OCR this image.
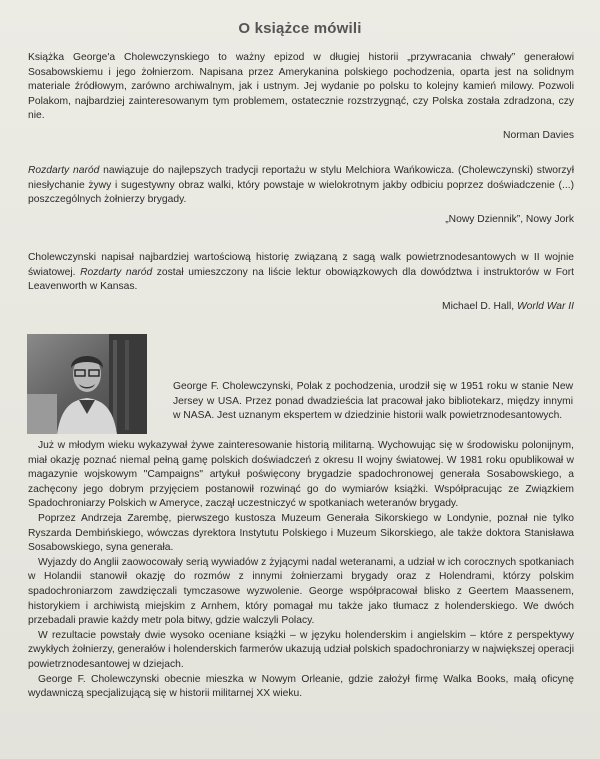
O książce mówili

Książka George'a Cholewczynskiego to ważny epizod w długiej historii „przywracania chwały” generałowi Sosabowskiemu i jego żołnierzom. Napisana przez Amerykanina polskiego pochodzenia, oparta jest na solidnym materiale źródłowym, zarówno archiwalnym, jak i ustnym. Jej wydanie po polsku to kolejny kamień milowy. Pozwoli Polakom, najbardziej zainteresowanym tym problemem, ostatecznie rozstrzygnąć, czy Polska została zdradzona, czy nie.

Norman Davies

Rozdarty naród nawiązuje do najlepszych tradycji reportażu w stylu Melchiora Wańkowicza. (Cholewczynski) stworzył niesłychanie żywy i sugestywny obraz walki, który powstaje w wielokrotnym jakby odbiciu poprzez doświadczenie (...) poszczególnych żołnierzy brygady.

„Nowy Dziennik”, Nowy Jork

Cholewczynski napisał najbardziej wartościową historię związaną z sagą walk powietrznodesantowych w II wojnie światowej. Rozdarty naród został umieszczony na liście lektur obowiązkowych dla dowództwa i instruktorów w Fort Leavenworth w Kansas.

Michael D. Hall, World War II
George F. Cholewczynski, Polak z pochodzenia, urodził się w 1951 roku w stanie New Jersey w USA. Przez ponad dwadzieścia lat pracował jako bibliotekarz, między innymi w NASA. Jest uznanym ekspertem w dziedzinie historii walk powietrznodesantowych.

Już w młodym wieku wykazywał żywe zainteresowanie historią militarną. Wychowując się w środowisku polonijnym, miał okazję poznać niemal pełną gamę polskich doświadczeń z okresu II wojny światowej. W 1981 roku opublikował w magazynie wojskowym "Campaigns" artykuł poświęcony brygadzie spadochronowej generała Sosabowskiego, a zachęcony jego dobrym przyjęciem postanowił rozwinąć go do wymiarów książki. Współpracując ze Związkiem Spadochroniarzy Polskich w Ameryce, zaczął uczestniczyć w spotkaniach weteranów brygady.

Poprzez Andrzeja Zarembę, pierwszego kustosza Muzeum Generała Sikorskiego w Londynie, poznał nie tylko Ryszarda Dembińskiego, wówczas dyrektora Instytutu Polskiego i Muzeum Sikorskiego, ale także doktora Stanisława Sosabowskiego, syna generała.

Wyjazdy do Anglii zaowocowały serią wywiadów z żyjącymi nadal weteranami, a udział w ich corocznych spotkaniach w Holandii stanowił okazję do rozmów z innymi żołnierzami brygady oraz z Holendrami, którzy polskim spadochroniarzom zawdzięczali tymczasowe wyzwolenie. George współpracował blisko z Geertem Maassenem, historykiem i archiwistą miejskim z Arnhem, który pomagał mu także jako tłumacz z holenderskiego. We dwóch przebadali prawie każdy metr pola bitwy, gdzie walczyli Polacy.

W rezultacie powstały dwie wysoko oceniane książki – w języku holenderskim i angielskim – które z perspektywy zwykłych żołnierzy, generałów i holenderskich farmerów ukazują udział polskich spadochroniarzy w największej operacji powietrznodesantowej w dziejach.

George F. Cholewczynski obecnie mieszka w Nowym Orleanie, gdzie założył firmę Walka Books, małą oficynę wydawniczą specjalizującą się w historii militarnej XX wieku.
